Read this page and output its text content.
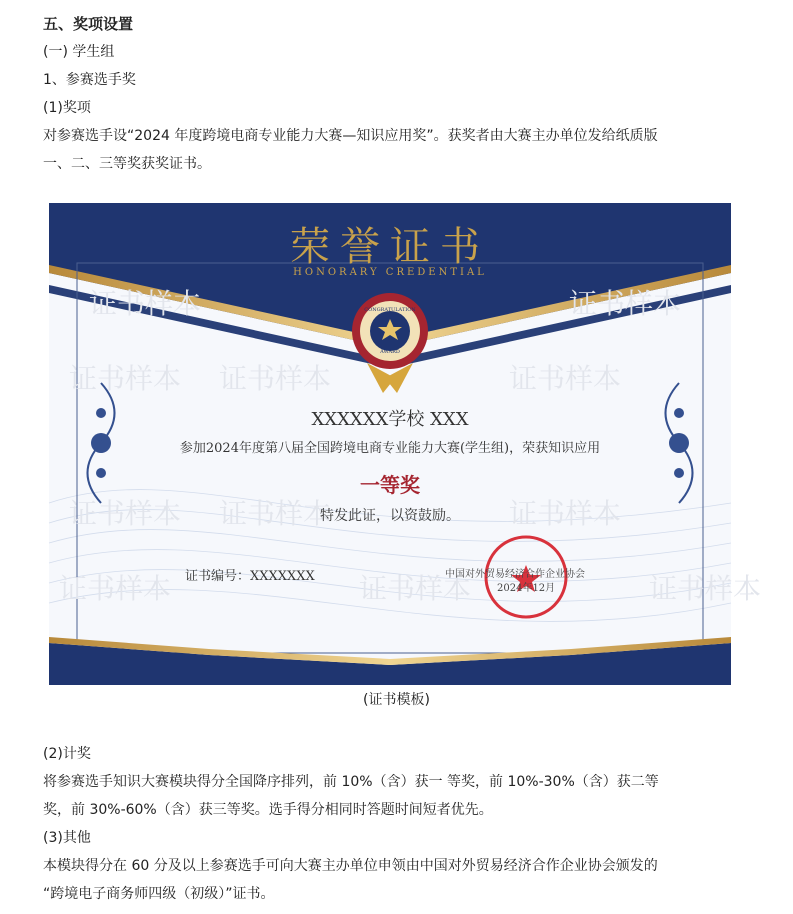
五、奖项设置
(一) 学生组
1、参赛选手奖
(1)奖项
对参赛选手设“2024 年度跨境电商专业能力大赛—知识应用奖”。获奖者由大赛主办单位发给纸质版
一、二、三等奖获奖证书。
证书样本	证书样本
证书样本 证书样本	证书样本
证书样本 证书样本	证书样本
证书样本	证书样本	证书样本
荣誉证书
HONORARY CREDENTIAL
CONGRATULATION
AWARD
XXXXXX学校 XXX
参加2024年度第八届全国跨境电商专业能力大赛(学生组)，荣获知识应用
一等奖
特发此证，以资鼓励。
证书编号：XXXXXXX	中国对外贸易经济合作企业协会
2024年12月
(证书模板)
(2)计奖
将参赛选手知识大赛模块得分全国降序排列，前 10%（含）获一 等奖，前 10%-30%（含）获二等
奖，前 30%-60%（含）获三等奖。选手得分相同时答题时间短者优先。
(3)其他
本模块得分在 60 分及以上参赛选手可向大赛主办单位申领由中国对外贸易经济合作企业协会颁发的
“跨境电子商务师四级（初级）”证书。
